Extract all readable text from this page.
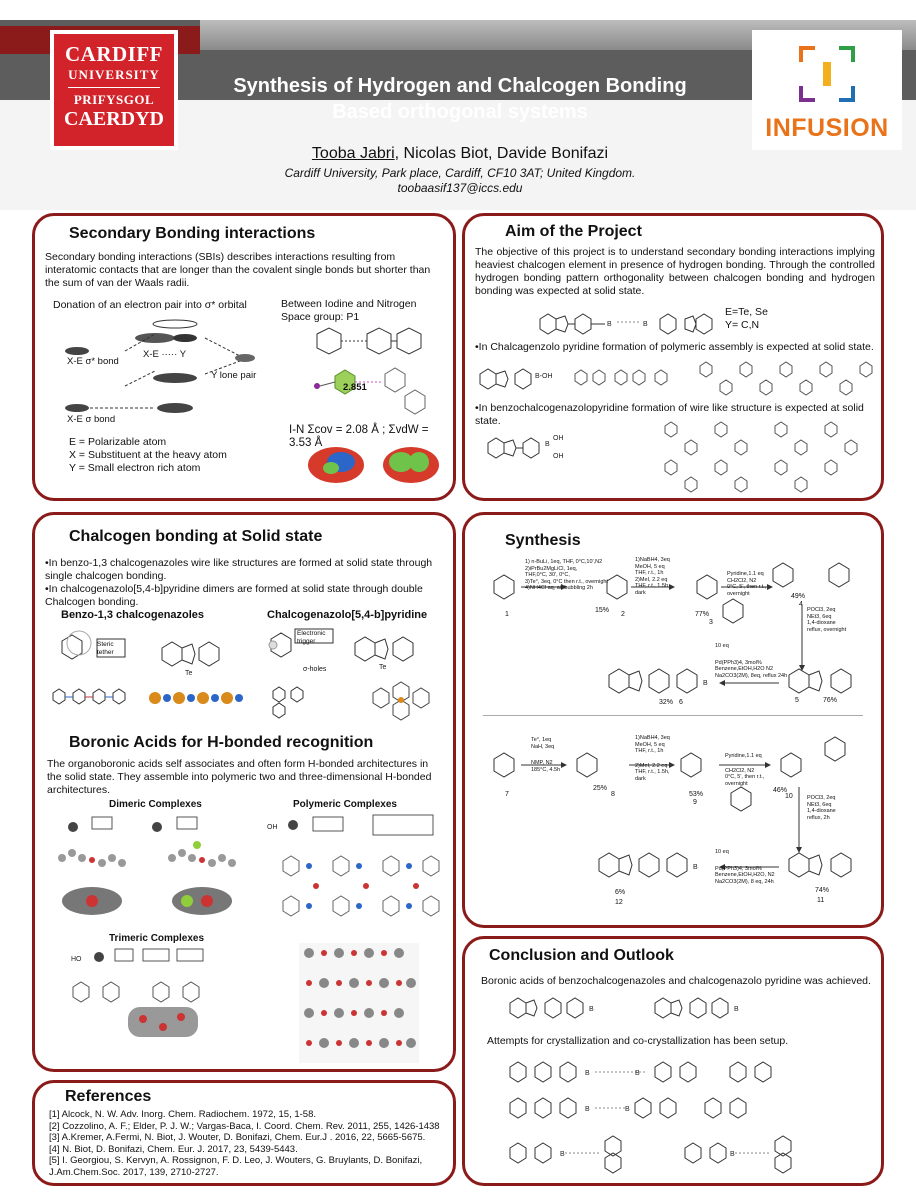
CARDIFF
UNIVERSITY
PRIFYSGOL
CAERDYD
Synthesis of Hydrogen and Chalcogen Bonding
Based orthogonal systems
Tooba Jabri, Nicolas Biot, Davide Bonifazi
Cardiff University, Park place, Cardiff, CF10 3AT; United Kingdom.
toobaasif137@iccs.edu
INFUSION
Secondary Bonding interactions
Secondary bonding interactions (SBIs) describes interactions resulting from interatomic contacts that are longer than the covalent single bonds but shorter than the sum of van der Waals radii.
Donation of an electron pair into σ* orbital
X-E σ* bond
X-E ····· Y
Y lone pair
X-E σ bond
E = Polarizable atom
X = Substituent at the heavy atom
Y = Small electron rich atom
Between Iodine and Nitrogen
Space group: P1
2.851
I-N Σcov = 2.08 Å ; ΣvdW = 3.53 Å
Aim of the Project
The objective of this project is to understand secondary bonding interactions implying heaviest chalcogen element in presence of hydrogen bonding. Through the controlled hydrogen bonding pattern orthogonality between chalcogen bonding and hydrogen bonding was expected at solid state.
B	B
E=Te, Se
Y= C,N
•In Chalcagenzolo pyridine formation of polymeric assembly is expected at solid state.
B-OH
•In benzochalcogenazolopyridine formation of wire like structure is expected at solid state.
B
OH
OH
Chalcogen bonding at Solid state
•In benzo-1,3 chalcogenazoles wire like structures are formed at solid state through single chalcogen bonding.
•In chalcogenazolo[5,4-b]pyridine dimers are formed at solid state through double Chalcogen bonding.
Benzo-1,3 chalcogenazoles	Chalcogenazolo[5,4-b]pyridine
Te
Steric tether
Te
Electronic trigger
σ-holes
Boronic Acids for H-bonded recognition
The organoboronic acids self associates and often form H-bonded architectures in the solid state. They assemble into polymeric two and three-dimensional H-bonded architectures.
Dimeric Complexes	Polymeric Complexes
OH
Trimeric Complexes
HO
References
[1] Alcock, N. W. Adv. Inorg. Chem. Radiochem. 1972, 15, 1-58.
[2] Cozzolino, A. F.; Elder, P. J. W.; Vargas-Baca, I. Coord. Chem. Rev. 2011, 255, 1426-1438
[3] A.Kremer, A.Fermi, N. Biot, J. Wouter, D. Bonifazi, Chem. Eur.J . 2016, 22, 5665-5675.
[4] N. Biot, D. Bonifazi, Chem. Eur. J. 2017, 23, 5439-5443.
[5] I. Georgiou, S. Kervyn, A. Rossignon, F. D. Leo, J. Wouters, G. Bruylants, D. Bonifazi,
J.Am.Chem.Soc. 2017, 139, 2710-2727.
Synthesis
B
1) n-BuLi, 1eq, THF, 0°C,10',N2
2)iPrBu2MgLiCl, 1eq,
THF,0°C, 30', 0°C,
3)Te°, 3eq, 0°C then r.t., overnight
4)NH4Cl aq, air bubbling 2h
1)NaBH4, 3eq
MeOH, 5 eq
THF, r.t., 1h
2)MeI, 2.2 eq
THF, r.t., 1.5h
dark
Pyridine,1.1 eq
CH2Cl2, N2
0°C, 5', then r.t.,
overnight
POCl3, 2eq
NEt3, 6eq
1,4-dioxane
reflux, overnight
10 eq
Pd(PPh3)4, 3mol%
Benzene,EtOH,H2O N2
Na2CO3(2M), 8eq, reflux 24h
15%
77%
49%
76%
32%
1	2
3
4
5
6
B
Te°, 1eq
NaH, 3eq
NMP, N2
185°C, 4.5h
1)NaBH4, 3eq
MeOH, 5 eq
THF, r.t., 1h
2)MeI, 2.2 eq
THF, r.t., 1.5h,
dark
Pyridine,1.1 eq
CH2Cl2, N2
0°C, 5', then r.t.,
overnight
POCl3, 2eq
NEt3, 6eq
1,4-dioxane
reflux, 2h
10 eq
Pd(PPh3)4, 3mol%
Benzene,EtOH,H2O, N2
Na2CO3(2M), 8 eq, 24h
25%
53%
46%
74%
6%
7	8
9
10
11
12
Conclusion and Outlook
Boronic acids of benzochalcogenazoles and chalcogenazolo pyridine was achieved.
B	B
Attempts for crystallization and co-crystallization has been setup.
B	B
B	B
B	B
